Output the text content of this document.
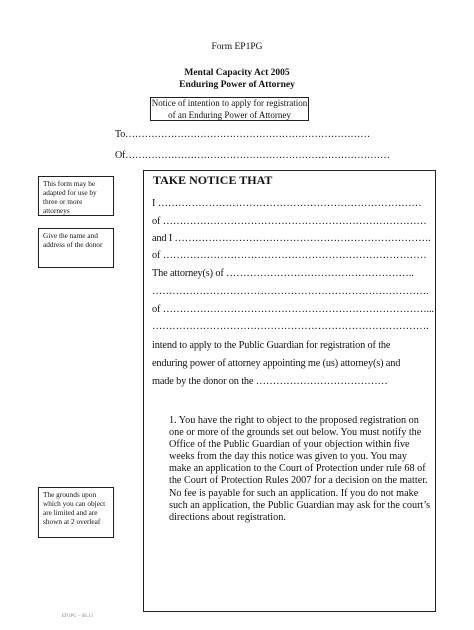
Form EP1PG
Mental Capacity Act 2005
Enduring Power of Attorney
Notice of intention to apply for registration
of an Enduring Power of Attorney
To…………………………………………………………………
Of………………………………………………………………………
This form may be adapted for use by three or more attorneys
Give the name and address of the donor
The grounds upon which you can object are limited and are shown at 2 overleaf
TAKE NOTICE THAT
I ……………………………………………………………………
of ……………………………………………………………………
and I ………………………………………………………………….
of ……………………………………………………………………
The attorney(s) of ………………………………………………..
……………………………………………………………………….
of ……………………………………………………………………...
……………………………………………………………………….
intend to apply to the Public Guardian for registration of the
enduring power of attorney appointing me (us) attorney(s) and
made by the donor on the …………………………………
1. You have the right to object to the proposed registration on one or more of the grounds set out below. You must notify the Office of the Public Guardian of your objection within five weeks from the day this notice was given to you. You may make an application to the Court of Protection under rule 68 of the Court of Protection Rules 2007 for a decision on the matter. No fee is payable for such an application. If you do not make such an application, the Public Guardian may ask for the court’s directions about registration.
EP1PG – 08.13
